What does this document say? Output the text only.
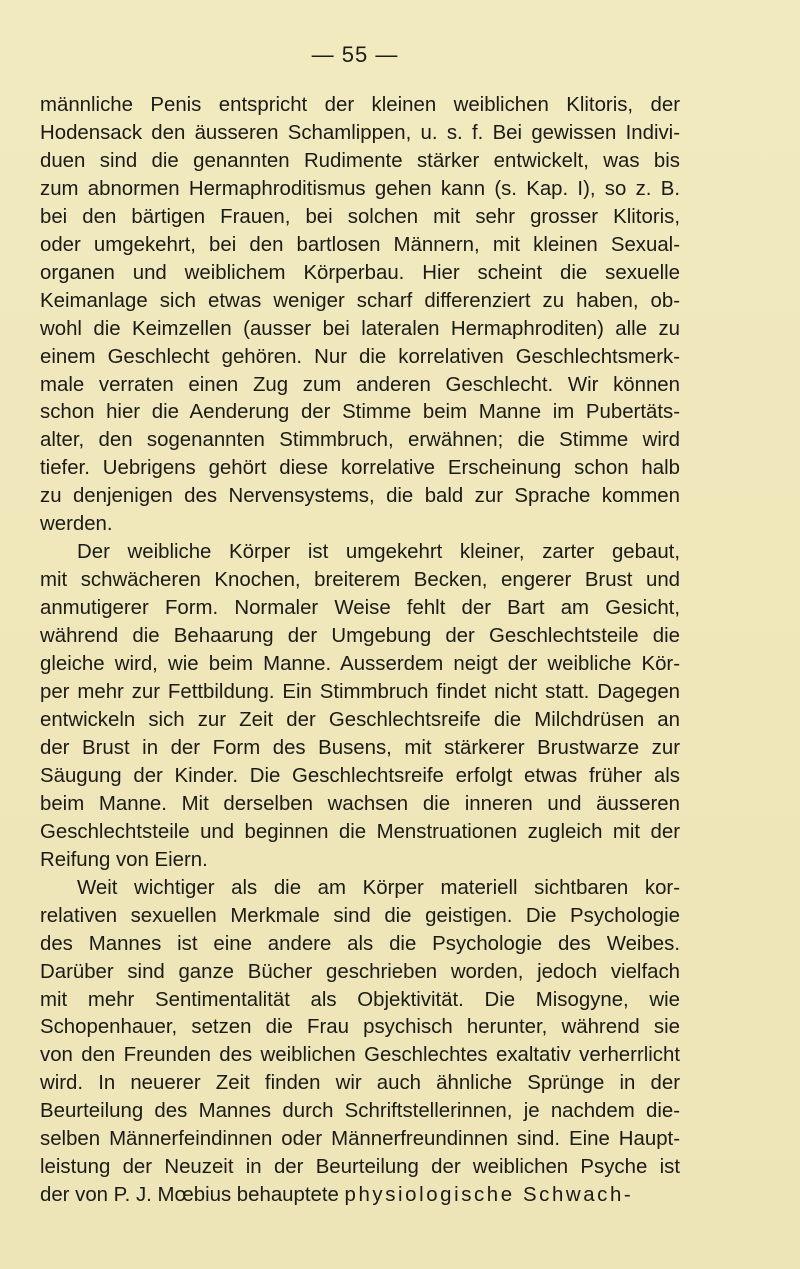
— 55 —
männliche Penis entspricht der kleinen weiblichen Klitoris, der
Hodensack den äusseren Schamlippen, u. s. f. Bei gewissen Indivi-
duen sind die genannten Rudimente stärker entwickelt, was bis
zum abnormen Hermaphroditismus gehen kann (s. Kap. I), so z. B.
bei den bärtigen Frauen, bei solchen mit sehr grosser Klitoris,
oder umgekehrt, bei den bartlosen Männern, mit kleinen Sexual-
organen und weiblichem Körperbau. Hier scheint die sexuelle
Keimanlage sich etwas weniger scharf differenziert zu haben, ob-
wohl die Keimzellen (ausser bei lateralen Hermaphroditen) alle zu
einem Geschlecht gehören. Nur die korrelativen Geschlechtsmerk-
male verraten einen Zug zum anderen Geschlecht. Wir können
schon hier die Aenderung der Stimme beim Manne im Pubertäts-
alter, den sogenannten Stimmbruch, erwähnen; die Stimme wird
tiefer. Uebrigens gehört diese korrelative Erscheinung schon halb
zu denjenigen des Nervensystems, die bald zur Sprache kommen
werden.
Der weibliche Körper ist umgekehrt kleiner, zarter gebaut,
mit schwächeren Knochen, breiterem Becken, engerer Brust und
anmutigerer Form. Normaler Weise fehlt der Bart am Gesicht,
während die Behaarung der Umgebung der Geschlechtsteile die
gleiche wird, wie beim Manne. Ausserdem neigt der weibliche Kör-
per mehr zur Fettbildung. Ein Stimmbruch findet nicht statt. Dagegen
entwickeln sich zur Zeit der Geschlechtsreife die Milchdrüsen an
der Brust in der Form des Busens, mit stärkerer Brustwarze zur
Säugung der Kinder. Die Geschlechtsreife erfolgt etwas früher als
beim Manne. Mit derselben wachsen die inneren und äusseren
Geschlechtsteile und beginnen die Menstruationen zugleich mit der
Reifung von Eiern.
Weit wichtiger als die am Körper materiell sichtbaren kor-
relativen sexuellen Merkmale sind die geistigen. Die Psychologie
des Mannes ist eine andere als die Psychologie des Weibes.
Darüber sind ganze Bücher geschrieben worden, jedoch vielfach
mit mehr Sentimentalität als Objektivität. Die Misogyne, wie
Schopenhauer, setzen die Frau psychisch herunter, während sie
von den Freunden des weiblichen Geschlechtes exaltativ verherrlicht
wird. In neuerer Zeit finden wir auch ähnliche Sprünge in der
Beurteilung des Mannes durch Schriftstellerinnen, je nachdem die-
selben Männerfeindinnen oder Männerfreundinnen sind. Eine Haupt-
leistung der Neuzeit in der Beurteilung der weiblichen Psyche ist
der von P. J. Mœbius behauptete physiologische Schwach-
